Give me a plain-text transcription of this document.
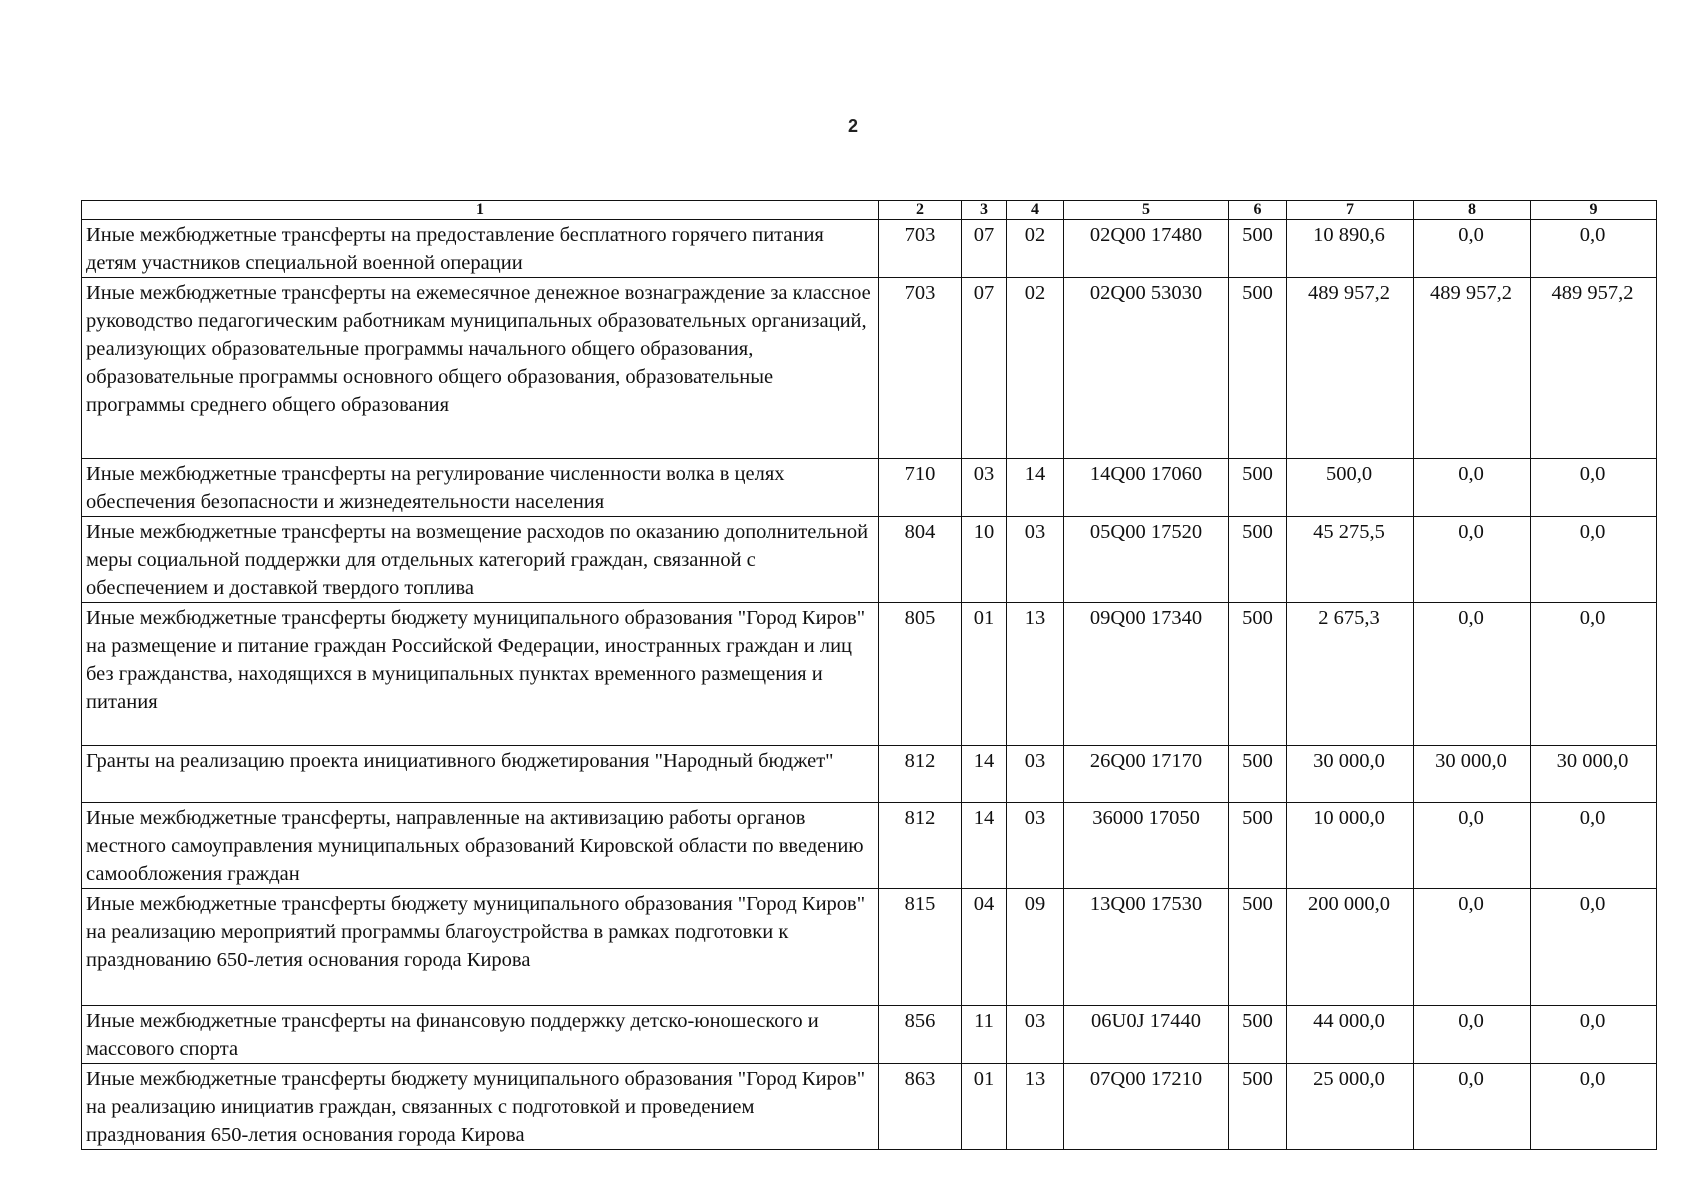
2
1	2	3	4	5	6	7	8	9
Иные межбюджетные трансферты на предоставление бесплатного горячего питания детям участников специальной военной операции	703	07	02	02Q00 17480	500	10 890,6	0,0	0,0
Иные межбюджетные трансферты на ежемесячное денежное вознаграждение за классное руководство педагогическим работникам муниципальных образовательных организаций, реализующих образовательные программы начального общего образования, образовательные программы основного общего образования, образовательные программы среднего общего образования	703	07	02	02Q00 53030	500	489 957,2	489 957,2	489 957,2
Иные межбюджетные трансферты на регулирование численности волка в целях обеспечения безопасности и жизнедеятельности населения	710	03	14	14Q00 17060	500	500,0	0,0	0,0
Иные межбюджетные трансферты на возмещение расходов по оказанию дополнительной меры социальной поддержки для отдельных категорий граждан, связанной с обеспечением и доставкой твердого топлива	804	10	03	05Q00 17520	500	45 275,5	0,0	0,0
Иные межбюджетные трансферты бюджету муниципального образования "Город Киров" на размещение и питание граждан Российской Федерации, иностранных граждан и лиц без гражданства, находящихся в муниципальных пунктах временного размещения и питания	805	01	13	09Q00 17340	500	2 675,3	0,0	0,0
Гранты на реализацию проекта инициативного бюджетирования "Народный бюджет"	812	14	03	26Q00 17170	500	30 000,0	30 000,0	30 000,0
Иные межбюджетные трансферты, направленные на активизацию работы органов местного самоуправления муниципальных образований Кировской области по введению самообложения граждан	812	14	03	36000 17050	500	10 000,0	0,0	0,0
Иные межбюджетные трансферты бюджету муниципального образования "Город Киров" на реализацию мероприятий программы благоустройства в рамках подготовки к празднованию 650-летия основания города Кирова	815	04	09	13Q00 17530	500	200 000,0	0,0	0,0
Иные межбюджетные трансферты на финансовую поддержку детско-юношеского и массового спорта	856	11	03	06U0J 17440	500	44 000,0	0,0	0,0
Иные межбюджетные трансферты бюджету муниципального образования "Город Киров" на реализацию инициатив граждан, связанных с подготовкой и проведением празднования 650-летия основания города Кирова	863	01	13	07Q00 17210	500	25 000,0	0,0	0,0
